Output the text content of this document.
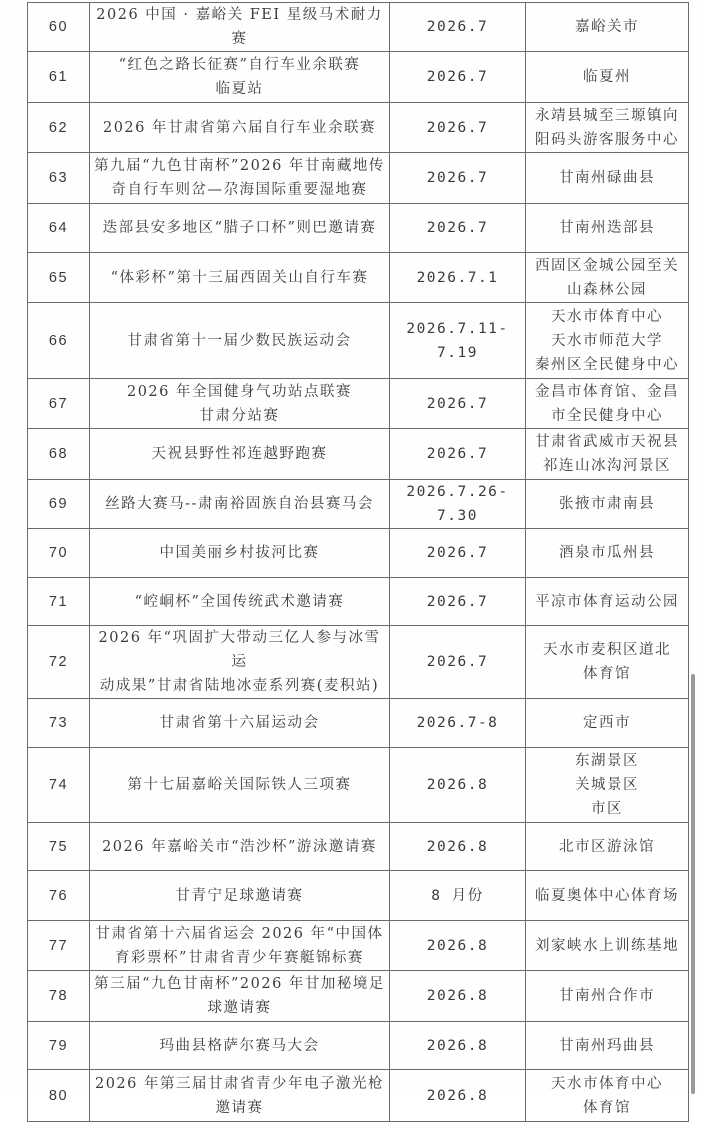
60	2026 中国 · 嘉峪关 FEI 星级马术耐力赛	2026.7	嘉峪关市

61	“红色之路长征赛”自行车业余联赛
临夏站	2026.7	临夏州

62	2026 年甘肃省第六届自行车业余联赛	2026.7	永靖县城至三塬镇向
阳码头游客服务中心

63	第九届“九色甘南杯”2026 年甘南藏地传
奇自行车则岔—尕海国际重要湿地赛	2026.7	甘南州碌曲县

64	迭部县安多地区“腊子口杯”则巴邀请赛	2026.7	甘南州迭部县

65	“体彩杯”第十三届西固关山自行车赛	2026.7.1	西固区金城公园至关
山森林公园

66	甘肃省第十一届少数民族运动会	2026.7.11-7.19	天水市体育中心
天水市师范大学
秦州区全民健身中心

67	2026 年全国健身气功站点联赛
甘肃分站赛	2026.7	金昌市体育馆、金昌
市全民健身中心

68	天祝县野性祁连越野跑赛	2026.7	甘肃省武威市天祝县
祁连山冰沟河景区

69	丝路大赛马--肃南裕固族自治县赛马会	2026.7.26-7.30	张掖市肃南县

70	中国美丽乡村拔河比赛	2026.7	酒泉市瓜州县

71	“崆峒杯”全国传统武术邀请赛	2026.7	平凉市体育运动公园

72	2026 年“巩固扩大带动三亿人参与冰雪运
动成果”甘肃省陆地冰壶系列赛(麦积站)	2026.7	天水市麦积区道北
体育馆

73	甘肃省第十六届运动会	2026.7-8	定西市

74	第十七届嘉峪关国际铁人三项赛	2026.8	东湖景区
关城景区
市区

75	2026 年嘉峪关市“浩沙杯”游泳邀请赛	2026.8	北市区游泳馆

76	甘青宁足球邀请赛	8 月份	临夏奥体中心体育场

77	甘肃省第十六届省运会 2026 年“中国体
育彩票杯”甘肃省青少年赛艇锦标赛	2026.8	刘家峡水上训练基地

78	第三届“九色甘南杯”2026 年甘加秘境足
球邀请赛	2026.8	甘南州合作市

79	玛曲县格萨尔赛马大会	2026.8	甘南州玛曲县

80	2026 年第三届甘肃省青少年电子激光枪
邀请赛	2026.8	天水市体育中心
体育馆
